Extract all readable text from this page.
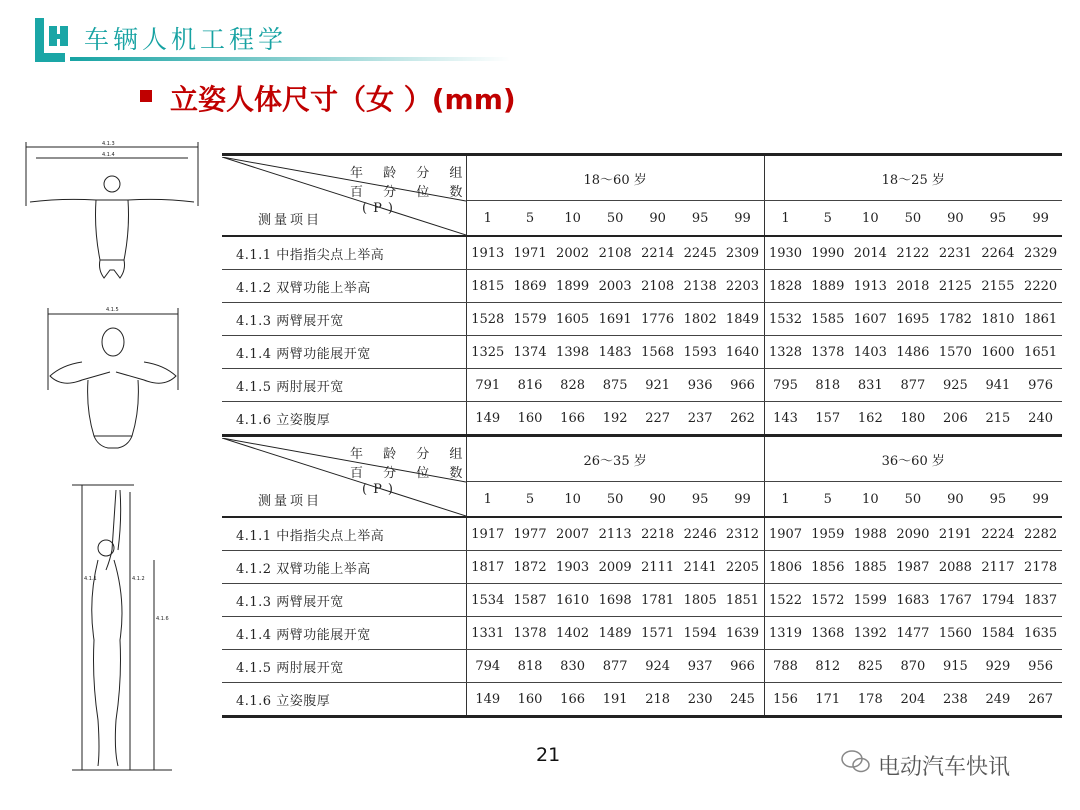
车辆人机工程学
立姿人体尺寸（女 ）(mm)
4.1.3
4.1.4
4.1.5
4.1.1	4.1.2
4.1.6
年 龄 分 组
百 分 位 数
(P)
测量项目	18～60 岁							18～25 岁						
	1	5	10	50	90	95	99	1	5	10	50	90	95	99
4.1.1 中指指尖点上举高	1913	1971	2002	2108	2214	2245	2309	1930	1990	2014	2122	2231	2264	2329
4.1.2 双臂功能上举高	1815	1869	1899	2003	2108	2138	2203	1828	1889	1913	2018	2125	2155	2220
4.1.3 两臂展开宽	1528	1579	1605	1691	1776	1802	1849	1532	1585	1607	1695	1782	1810	1861
4.1.4 两臂功能展开宽	1325	1374	1398	1483	1568	1593	1640	1328	1378	1403	1486	1570	1600	1651
4.1.5 两肘展开宽	791	816	828	875	921	936	966	795	818	831	877	925	941	976
4.1.6 立姿腹厚	149	160	166	192	227	237	262	143	157	162	180	206	215	240

年 龄 分 组
百 分 位 数
(P)
测量项目	26～35 岁							36～60 岁						
	1	5	10	50	90	95	99	1	5	10	50	90	95	99
4.1.1 中指指尖点上举高	1917	1977	2007	2113	2218	2246	2312	1907	1959	1988	2090	2191	2224	2282
4.1.2 双臂功能上举高	1817	1872	1903	2009	2111	2141	2205	1806	1856	1885	1987	2088	2117	2178
4.1.3 两臂展开宽	1534	1587	1610	1698	1781	1805	1851	1522	1572	1599	1683	1767	1794	1837
4.1.4 两臂功能展开宽	1331	1378	1402	1489	1571	1594	1639	1319	1368	1392	1477	1560	1584	1635
4.1.5 两肘展开宽	794	818	830	877	924	937	966	788	812	825	870	915	929	956
4.1.6 立姿腹厚	149	160	166	191	218	230	245	156	171	178	204	238	249	267
21	电动汽车快讯
